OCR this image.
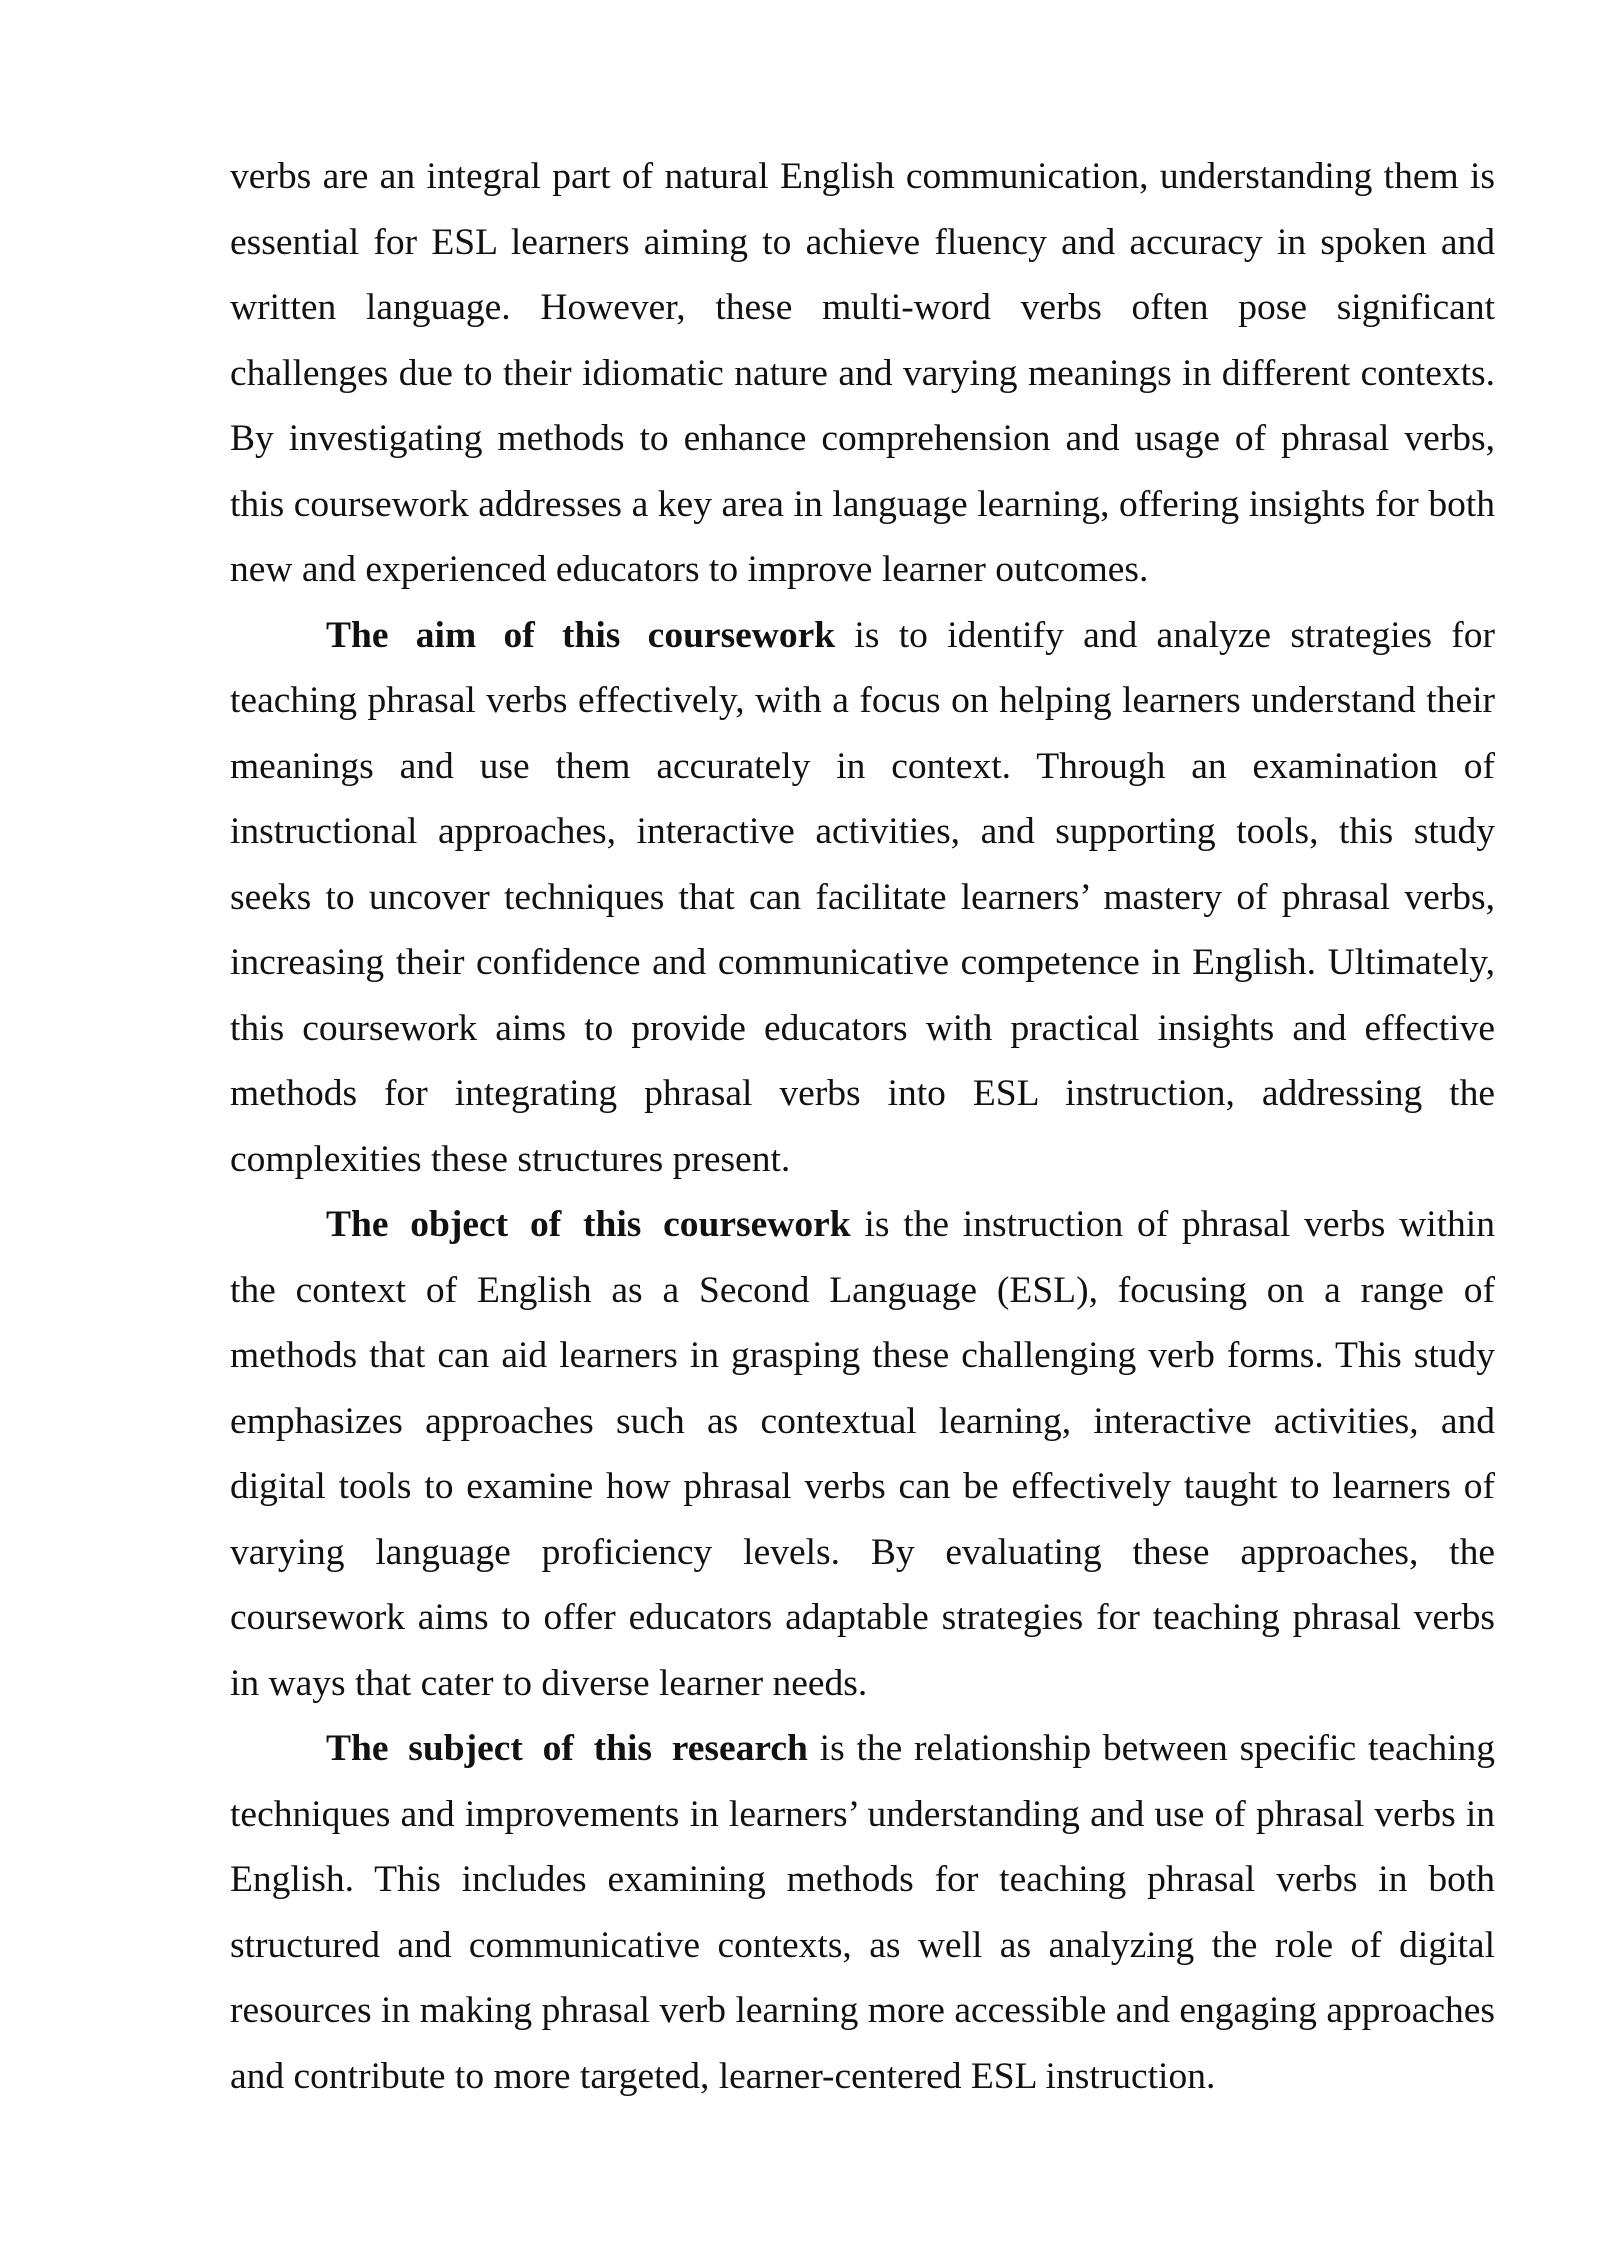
verbs are an integral part of natural English communication, understanding them is essential for ESL learners aiming to achieve fluency and accuracy in spoken and written language. However, these multi-word verbs often pose significant challenges due to their idiomatic nature and varying meanings in different contexts. By investigating methods to enhance comprehension and usage of phrasal verbs, this coursework addresses a key area in language learning, offering insights for both new and experienced educators to improve learner outcomes.

The aim of this coursework is to identify and analyze strategies for teaching phrasal verbs effectively, with a focus on helping learners understand their meanings and use them accurately in context. Through an examination of instructional approaches, interactive activities, and supporting tools, this study seeks to uncover techniques that can facilitate learners’ mastery of phrasal verbs, increasing their confidence and communicative competence in English. Ultimately, this coursework aims to provide educators with practical insights and effective methods for integrating phrasal verbs into ESL instruction, addressing the complexities these structures present.

The object of this coursework is the instruction of phrasal verbs within the context of English as a Second Language (ESL), focusing on a range of methods that can aid learners in grasping these challenging verb forms. This study emphasizes approaches such as contextual learning, interactive activities, and digital tools to examine how phrasal verbs can be effectively taught to learners of varying language proficiency levels. By evaluating these approaches, the coursework aims to offer educators adaptable strategies for teaching phrasal verbs in ways that cater to diverse learner needs.

The subject of this research is the relationship between specific teaching techniques and improvements in learners’ understanding and use of phrasal verbs in English. This includes examining methods for teaching phrasal verbs in both structured and communicative contexts, as well as analyzing the role of digital resources in making phrasal verb learning more accessible and engaging approaches and contribute to more targeted, learner-centered ESL instruction.
